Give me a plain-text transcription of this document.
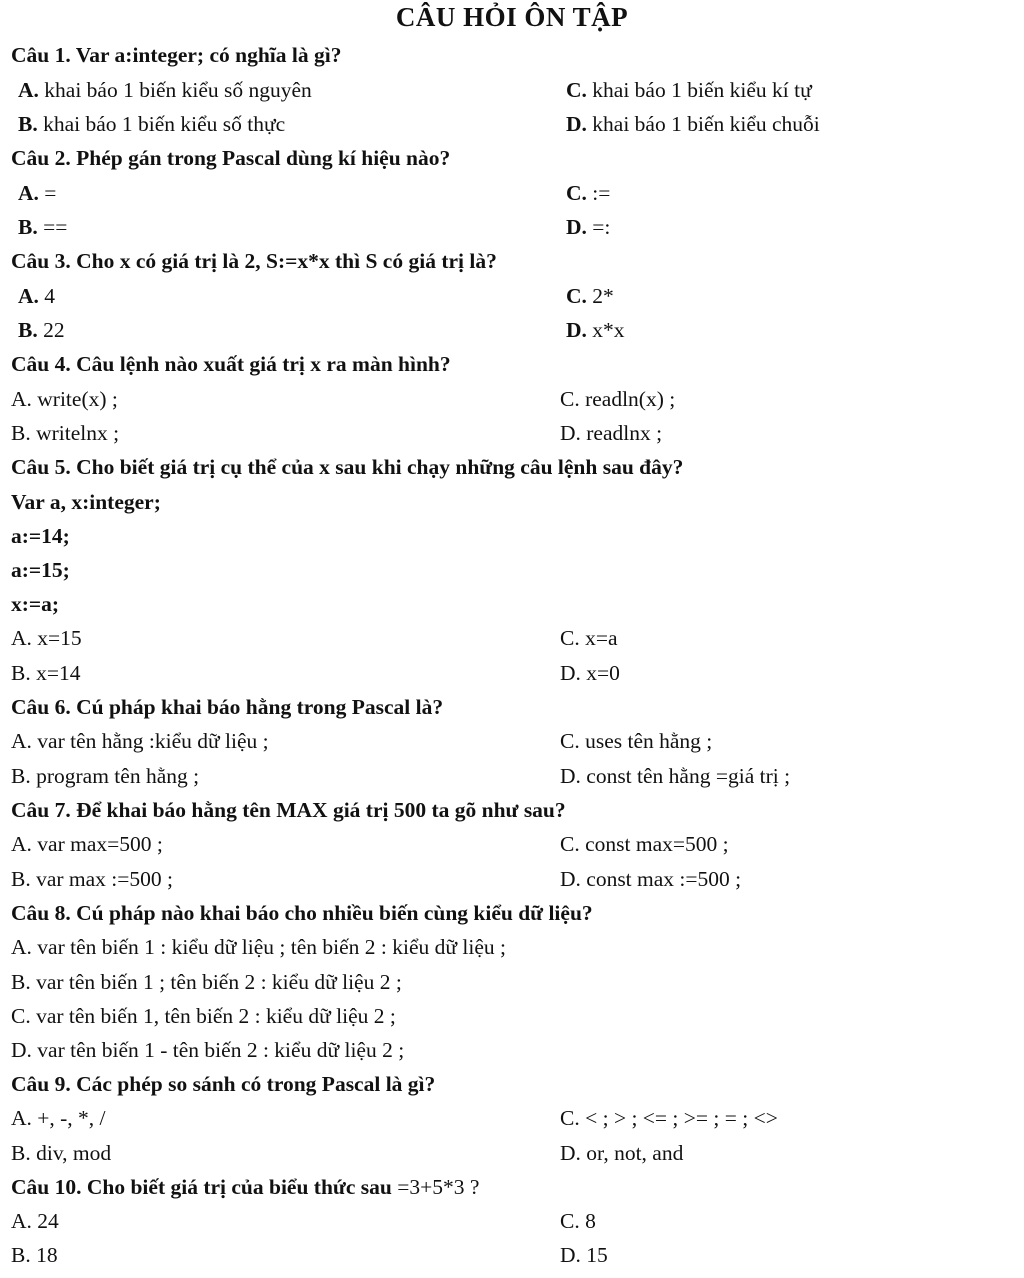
CÂU HỎI ÔN TẬP
Câu 1. Var a:integer; có nghĩa là gì?
A. khai báo 1 biến kiểu số nguyên	C. khai báo 1 biến kiểu kí tự
B. khai báo 1 biến kiểu số thực	D. khai báo 1 biến kiểu chuỗi
Câu 2. Phép gán trong Pascal dùng kí hiệu nào?
A. =	C. :=
B. ==	D. =:
Câu 3. Cho x có giá trị là 2, S:=x*x thì S có giá trị là?
A. 4	C. 2*
B. 22	D. x*x
Câu 4. Câu lệnh nào xuất giá trị x ra màn hình?
A. write(x) ;	C. readln(x) ;
B. writelnx ;	D. readlnx ;
Câu 5. Cho biết giá trị cụ thể của x sau khi chạy những câu lệnh sau đây?
Var a, x:integer;
a:=14;
a:=15;
x:=a;
A. x=15	C. x=a
B. x=14	D. x=0
Câu 6. Cú pháp khai báo hằng trong Pascal là?
A. var tên hằng :kiểu dữ liệu ;	C. uses tên hằng ;
B. program tên hằng ;	D. const tên hằng =giá trị ;
Câu 7. Để khai báo hằng tên MAX giá trị 500 ta gõ như sau?
A. var max=500 ;	C. const max=500 ;
B. var max :=500 ;	D. const max :=500 ;
Câu 8. Cú pháp nào khai báo cho nhiều biến cùng kiểu dữ liệu?
A. var tên biến 1 : kiểu dữ liệu ; tên biến 2 : kiểu dữ liệu ;
B. var tên biến 1 ; tên biến 2 : kiểu dữ liệu 2 ;
C. var tên biến 1, tên biến 2 : kiểu dữ liệu 2 ;
D. var tên biến 1 - tên biến 2 : kiểu dữ liệu 2 ;
Câu 9. Các phép so sánh có trong Pascal là gì?
A. +, -, *, /	C. < ; > ; <= ; >= ; = ; <>
B. div, mod	D. or, not, and
Câu 10. Cho biết giá trị của biểu thức sau =3+5*3 ?
A. 24	C. 8
B. 18	D. 15
